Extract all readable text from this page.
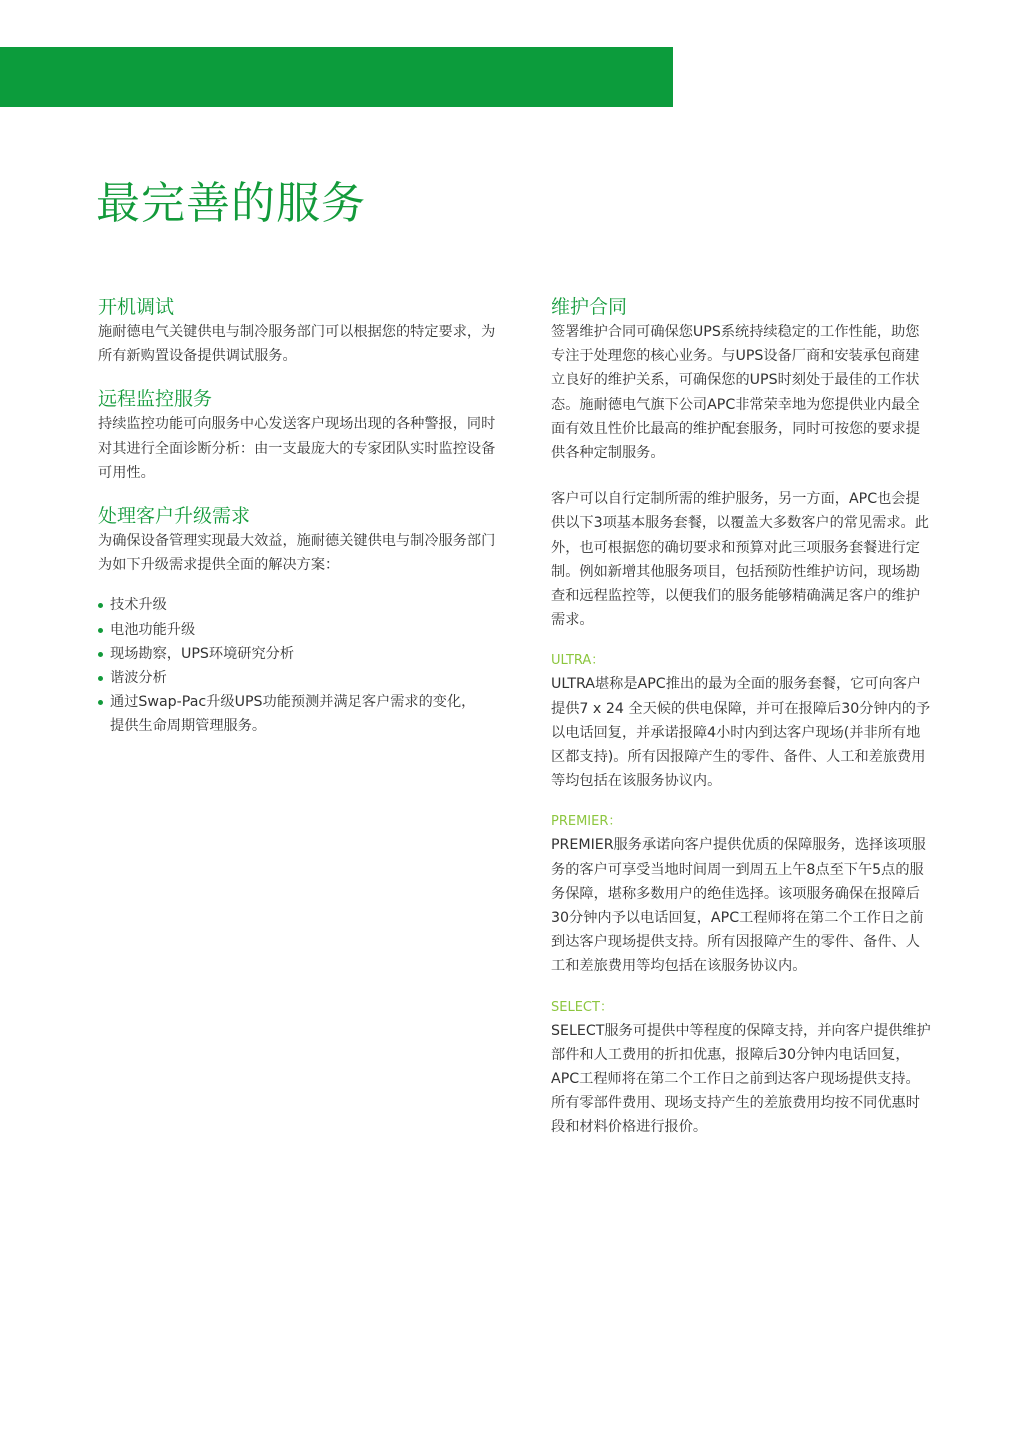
最完善的服务
开机调试

施耐德电气关键供电与制冷服务部门可以根据您的特定要求，为所有新购置设备提供调试服务。

远程监控服务

持续监控功能可向服务中心发送客户现场出现的各种警报，同时对其进行全面诊断分析：由一支最庞大的专家团队实时监控设备可用性。

处理客户升级需求

为确保设备管理实现最大效益，施耐德关键供电与制冷服务部门为如下升级需求提供全面的解决方案：

技术升级
电池功能升级
现场勘察，UPS环境研究分析
谐波分析
通过Swap-Pac升级UPS功能预测并满足客户需求的变化，提供生命周期管理服务。
维护合同

签署维护合同可确保您UPS系统持续稳定的工作性能，助您专注于处理您的核心业务。与UPS设备厂商和安装承包商建立良好的维护关系，可确保您的UPS时刻处于最佳的工作状态。施耐德电气旗下公司APC非常荣幸地为您提供业内最全面有效且性价比最高的维护配套服务，同时可按您的要求提供各种定制服务。

客户可以自行定制所需的维护服务，另一方面，APC也会提供以下3项基本服务套餐，以覆盖大多数客户的常见需求。此外，也可根据您的确切要求和预算对此三项服务套餐进行定制。例如新增其他服务项目，包括预防性维护访问，现场勘查和远程监控等，以便我们的服务能够精确满足客户的维护需求。

ULTRA：

ULTRA堪称是APC推出的最为全面的服务套餐，它可向客户提供7 x 24 全天候的供电保障，并可在报障后30分钟内的予以电话回复，并承诺报障4小时内到达客户现场(并非所有地区都支持)。所有因报障产生的零件、备件、人工和差旅费用等均包括在该服务协议内。

PREMIER：

PREMIER服务承诺向客户提供优质的保障服务，选择该项服务的客户可享受当地时间周一到周五上午8点至下午5点的服务保障，堪称多数用户的绝佳选择。该项服务确保在报障后30分钟内予以电话回复，APC工程师将在第二个工作日之前到达客户现场提供支持。所有因报障产生的零件、备件、人工和差旅费用等均包括在该服务协议内。

SELECT：

SELECT服务可提供中等程度的保障支持，并向客户提供维护部件和人工费用的折扣优惠，报障后30分钟内电话回复，APC工程师将在第二个工作日之前到达客户现场提供支持。所有零部件费用、现场支持产生的差旅费用均按不同优惠时段和材料价格进行报价。
